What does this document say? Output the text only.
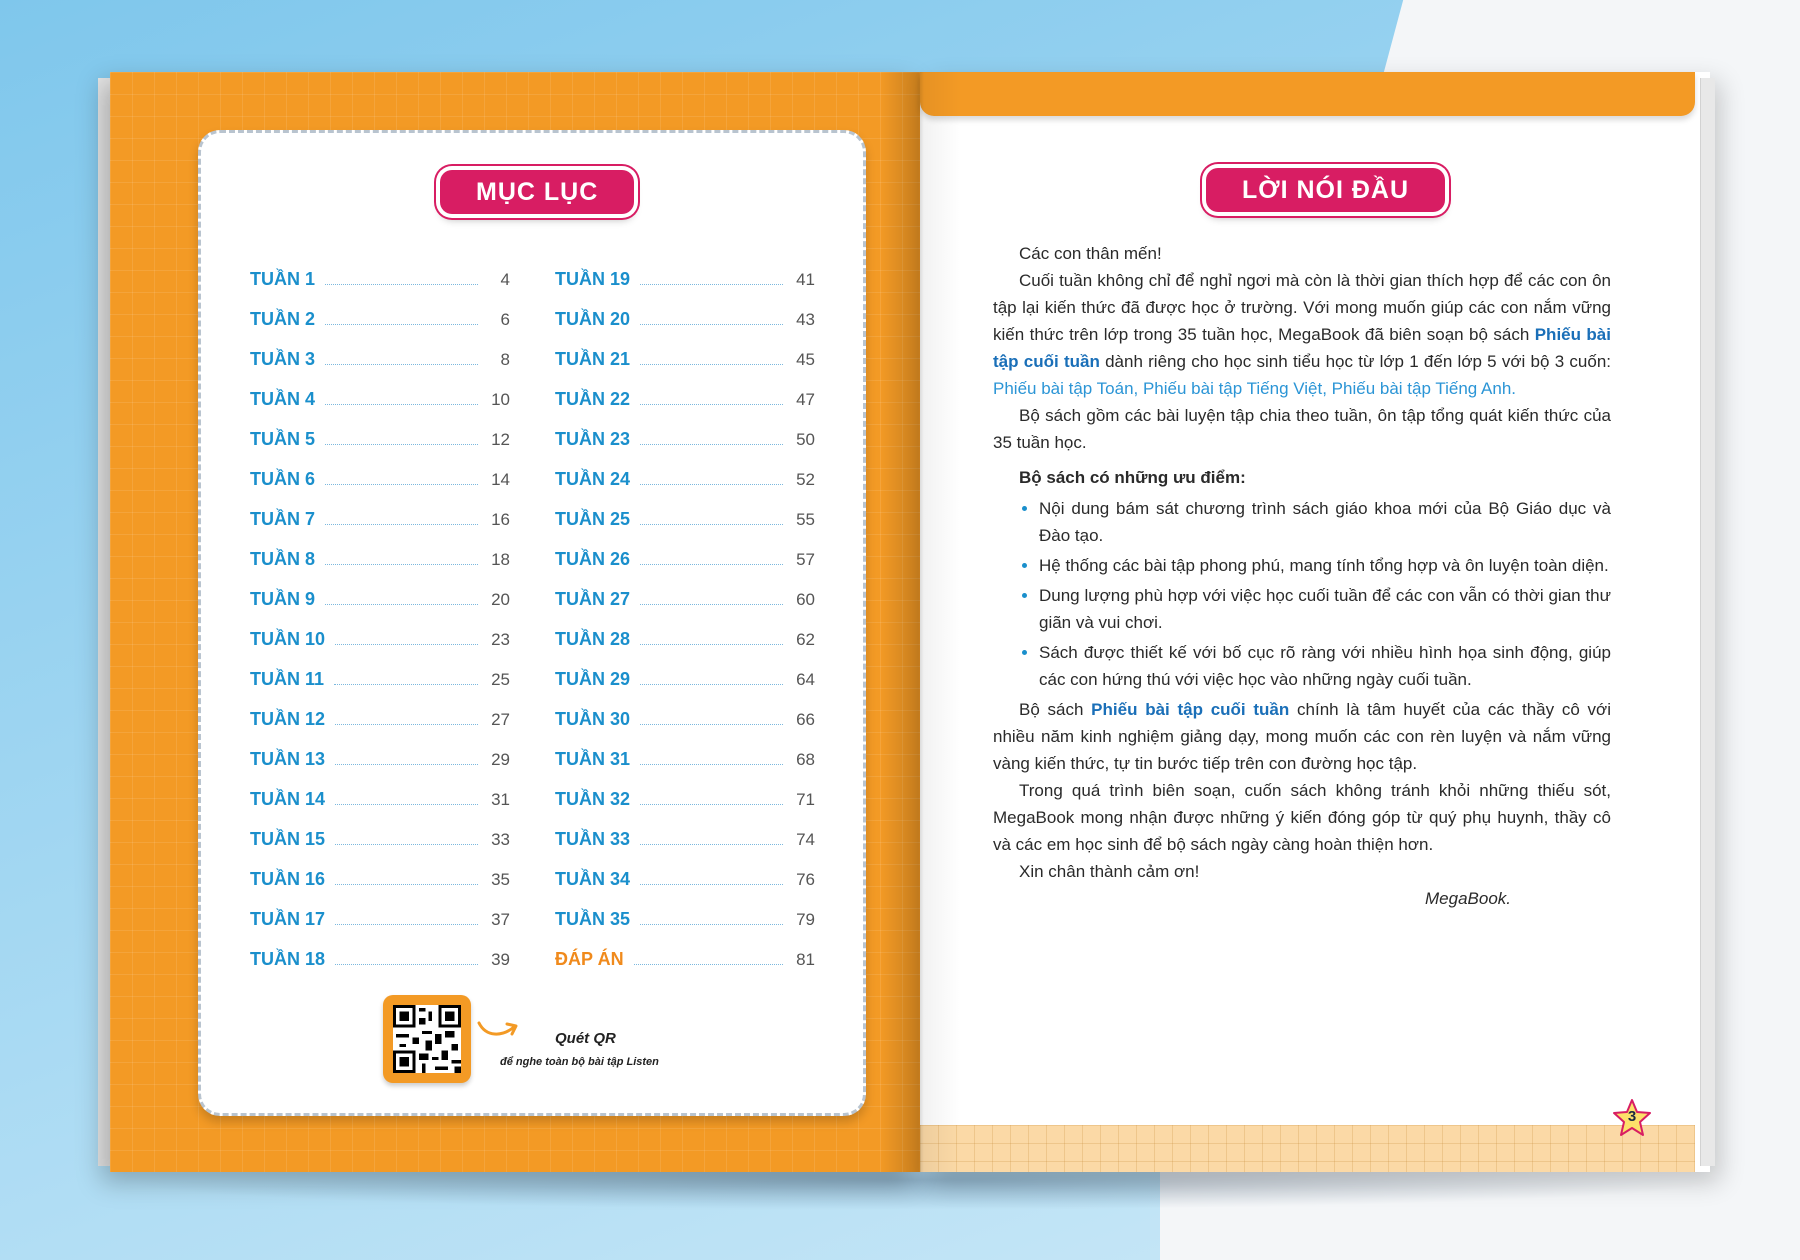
MỤC LỤC
TUẦN 1	4
TUẦN 2	6
TUẦN 3	8
TUẦN 4	10
TUẦN 5	12
TUẦN 6	14
TUẦN 7	16
TUẦN 8	18
TUẦN 9	20
TUẦN 10	23
TUẦN 11	25
TUẦN 12	27
TUẦN 13	29
TUẦN 14	31
TUẦN 15	33
TUẦN 16	35
TUẦN 17	37
TUẦN 18	39
TUẦN 19	41
TUẦN 20	43
TUẦN 21	45
TUẦN 22	47
TUẦN 23	50
TUẦN 24	52
TUẦN 25	55
TUẦN 26	57
TUẦN 27	60
TUẦN 28	62
TUẦN 29	64
TUẦN 30	66
TUẦN 31	68
TUẦN 32	71
TUẦN 33	74
TUẦN 34	76
TUẦN 35	79
ĐÁP ÁN	81
Quét QR
để nghe toàn bộ bài tập Listen
LỜI NÓI ĐẦU

Các con thân mến!

Cuối tuần không chỉ để nghỉ ngơi mà còn là thời gian thích hợp để các con ôn tập lại kiến thức đã được học ở trường. Với mong muốn giúp các con nắm vững kiến thức trên lớp trong 35 tuần học, MegaBook đã biên soạn bộ sách Phiếu bài tập cuối tuần dành riêng cho học sinh tiểu học từ lớp 1 đến lớp 5 với bộ 3 cuốn: Phiếu bài tập Toán, Phiếu bài tập Tiếng Việt, Phiếu bài tập Tiếng Anh.

Bộ sách gồm các bài luyện tập chia theo tuần, ôn tập tổng quát kiến thức của 35 tuần học.

Bộ sách có những ưu điểm:

• Nội dung bám sát chương trình sách giáo khoa mới của Bộ Giáo dục và Đào tạo.
• Hệ thống các bài tập phong phú, mang tính tổng hợp và ôn luyện toàn diện.
• Dung lượng phù hợp với việc học cuối tuần để các con vẫn có thời gian thư giãn và vui chơi.
• Sách được thiết kế với bố cục rõ ràng với nhiều hình họa sinh động, giúp các con hứng thú với việc học vào những ngày cuối tuần.

Bộ sách Phiếu bài tập cuối tuần chính là tâm huyết của các thầy cô với nhiều năm kinh nghiệm giảng dạy, mong muốn các con rèn luyện và nắm vững vàng kiến thức, tự tin bước tiếp trên con đường học tập.

Trong quá trình biên soạn, cuốn sách không tránh khỏi những thiếu sót, MegaBook mong nhận được những ý kiến đóng góp từ quý phụ huynh, thầy cô và các em học sinh để bộ sách ngày càng hoàn thiện hơn.

Xin chân thành cảm ơn!

MegaBook.

3
